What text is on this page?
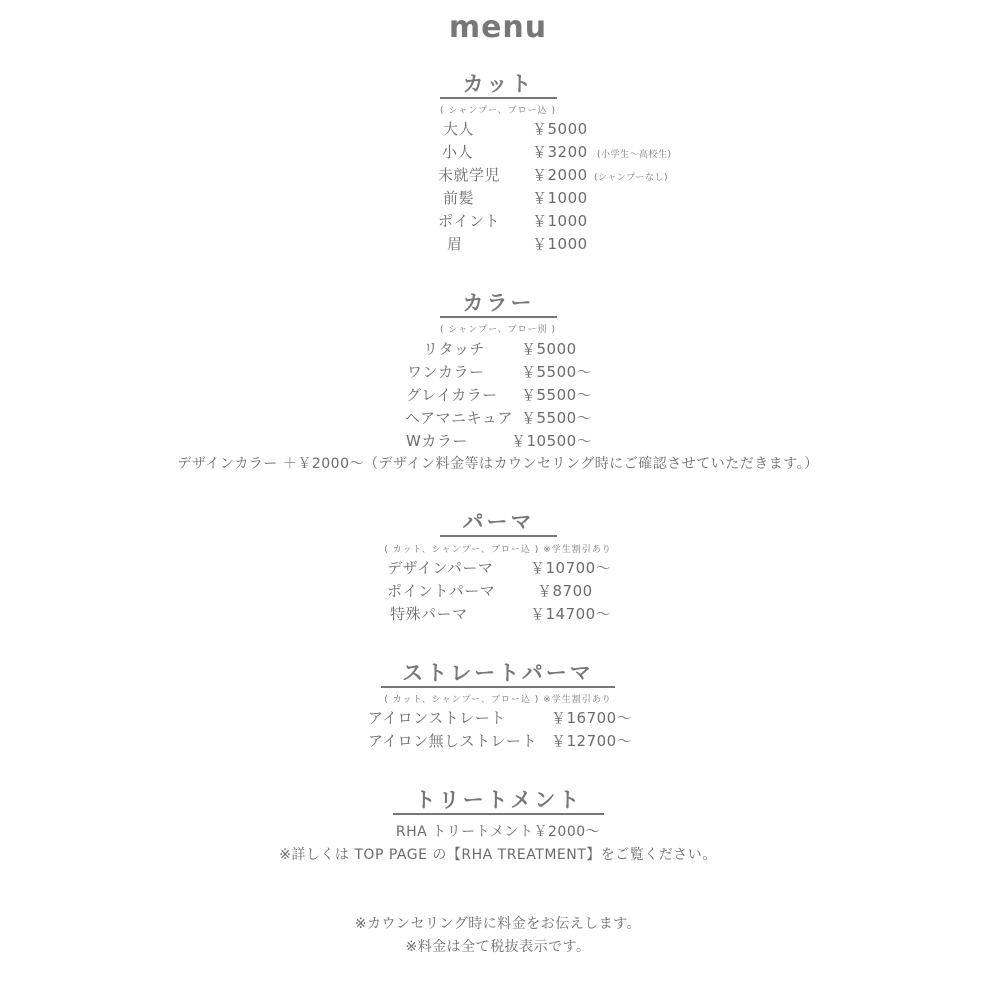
menu
カット
( シャンプー、ブロー込 )
大人	￥5000
小人	￥3200 (小学生～高校生)
未就学児 ￥2000 (シャンプーなし)
前髪	￥1000
ポイント ￥1000
眉	￥1000
カラー
( シャンプー、ブロー別 )
リタッチ ￥5000
ワンカラー ￥5500～
グレイカラー ￥5500～
ヘアマニキュア ￥5500～
Wカラー	￥10500～
デザインカラー ＋￥2000～（デザイン料金等はカウンセリング時にご確認させていただきます。）
パーマ
( カット、シャンプー、ブロー込 ) ※学生割引あり
デザインパーマ ￥10700～
ポイントパーマ	￥8700
特殊パーマ	￥14700～
ストレートパーマ
( カット、シャンプー、ブロー込 ) ※学生割引あり
アイロンストレート	￥16700～
アイロン無しストレート ￥12700～
トリートメント
RHA トリートメント￥2000～
※詳しくは TOP PAGE の【RHA TREATMENT】をご覧ください。
※カウンセリング時に料金をお伝えします。
※料金は全て税抜表示です。
